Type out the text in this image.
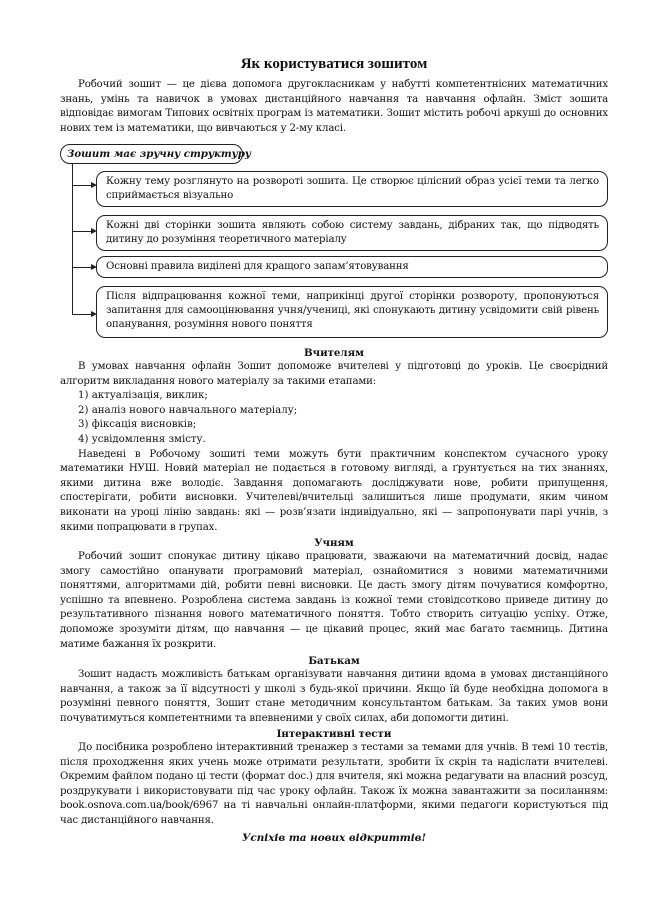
Як користуватися зошитом

Робочий зошит — це дієва допомога другокласникам у набутті компетентнісних математичних знань, умінь та навичок в умовах дистанційного навчання та навчання офлайн. Зміст зошита відповідає вимогам Типових освітніх програм із математики. Зошит містить робочі аркуші до основних нових тем із математики, що вивчаються у 2-му класі.

Зошит має зручну структуру
Кожну тему розглянуто на розвороті зошита. Це створює цілісний образ усієї теми та легко сприймається візуально
Кожні дві сторінки зошита являють собою систему завдань, дібраних так, що підводять дитину до розуміння теоретичного матеріалу
Основні правила виділені для кращого запам’ятовування
Після відпрацювання кожної теми, наприкінці другої сторінки розвороту, пропонуються запитання для самооцінювання учня/учениці, які спонукають дитину усвідомити свій рівень опанування, розуміння нового поняття
Вчителям

В умовах навчання офлайн Зошит допоможе вчителеві у підготовці до уроків. Це своєрідний алгоритм викладання нового матеріалу за такими етапами:

1) актуалізація, виклик;
2) аналіз нового навчального матеріалу;
3) фіксація висновків;
4) усвідомлення змісту.

Наведені в Робочому зошиті теми можуть бути практичним конспектом сучасного уроку математики НУШ. Новий матеріал не подається в готовому вигляді, а ґрунтується на тих знаннях, якими дитина вже володіє. Завдання допомагають досліджувати нове, робити припущення, спостерігати, робити висновки. Учителеві/вчительці залишиться лише продумати, яким чином виконати на уроці лінію завдань: які — розв’язати індивідуально, які — запропонувати парі учнів, з якими попрацювати в групах.

Учням

Робочий зошит спонукає дитину цікаво працювати, зважаючи на математичний досвід, надає змогу самостійно опанувати програмовий матеріал, ознайомитися з новими математичними поняттями, алгоритмами дій, робити певні висновки. Це дасть змогу дітям почуватися комфортно, успішно та впевнено. Розроблена система завдань із кожної теми стовідсотково приведе дитину до результативного пізнання нового математичного поняття. Тобто створить ситуацію успіху. Отже, допоможе зрозуміти дітям, що навчання — це цікавий процес, який має багато таємниць. Дитина матиме бажання їх розкрити.

Батькам

Зошит надасть можливість батькам організувати навчання дитини вдома в умовах дистанційного навчання, а також за її відсутності у школі з будь-якої причини. Якщо їй буде необхідна допомога в розумінні певного поняття, Зошит стане методичним консультантом батькам. За таких умов вони почуватимуться компетентними та впевненими у своїх силах, аби допомогти дитині.

Інтерактивні тести

До посібника розроблено інтерактивний тренажер з тестами за темами для учнів. В темі 10 тестів, після проходження яких учень може отримати результати, зробити їх скрін та надіслати вчителеві. Окремим файлом подано ці тести (формат doc.) для вчителя, які можна редагувати на власний розсуд, роздрукувати і використовувати під час уроку офлайн. Також їх можна завантажити за посиланням: book.osnova.com.ua/book/6967 на ті навчальні онлайн-платформи, якими педагоги користуються під час дистанційного навчання.

Успіхів та нових відкриттів!
